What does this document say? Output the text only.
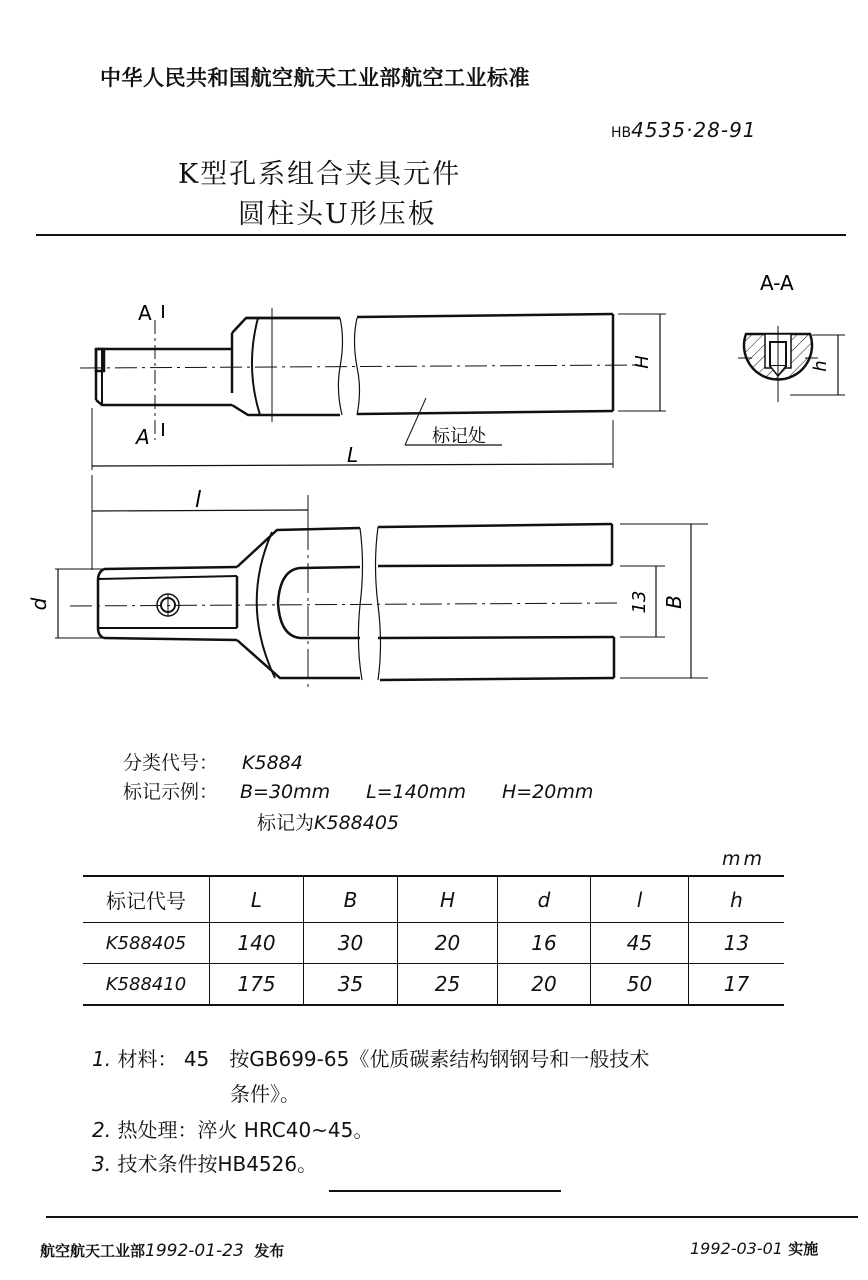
中华人民共和国航空航天工业部航空工业标准
HB4535·28-91
K型孔系组合夹具元件
圆柱头U形压板
A
A	标记处
L
H
A-A
h
l
d	13 B
分类代号： K5884
标记示例： B=30mm L=140mm H=20mm
标记为K588405
mm
标记代号	L	B	H	d	l	h
K588405	140	30	20	16	45	13
K588410	175	35	25	20	50	17
1. 材料： 45　按GB699-65《优质碳素结构钢钢号和一般技术
条件》。
2. 热处理：淬火 HRC40~45。
3. 技术条件按HB4526。
航空航天工业部1992-01-23 发布	1992-03-01 实施
